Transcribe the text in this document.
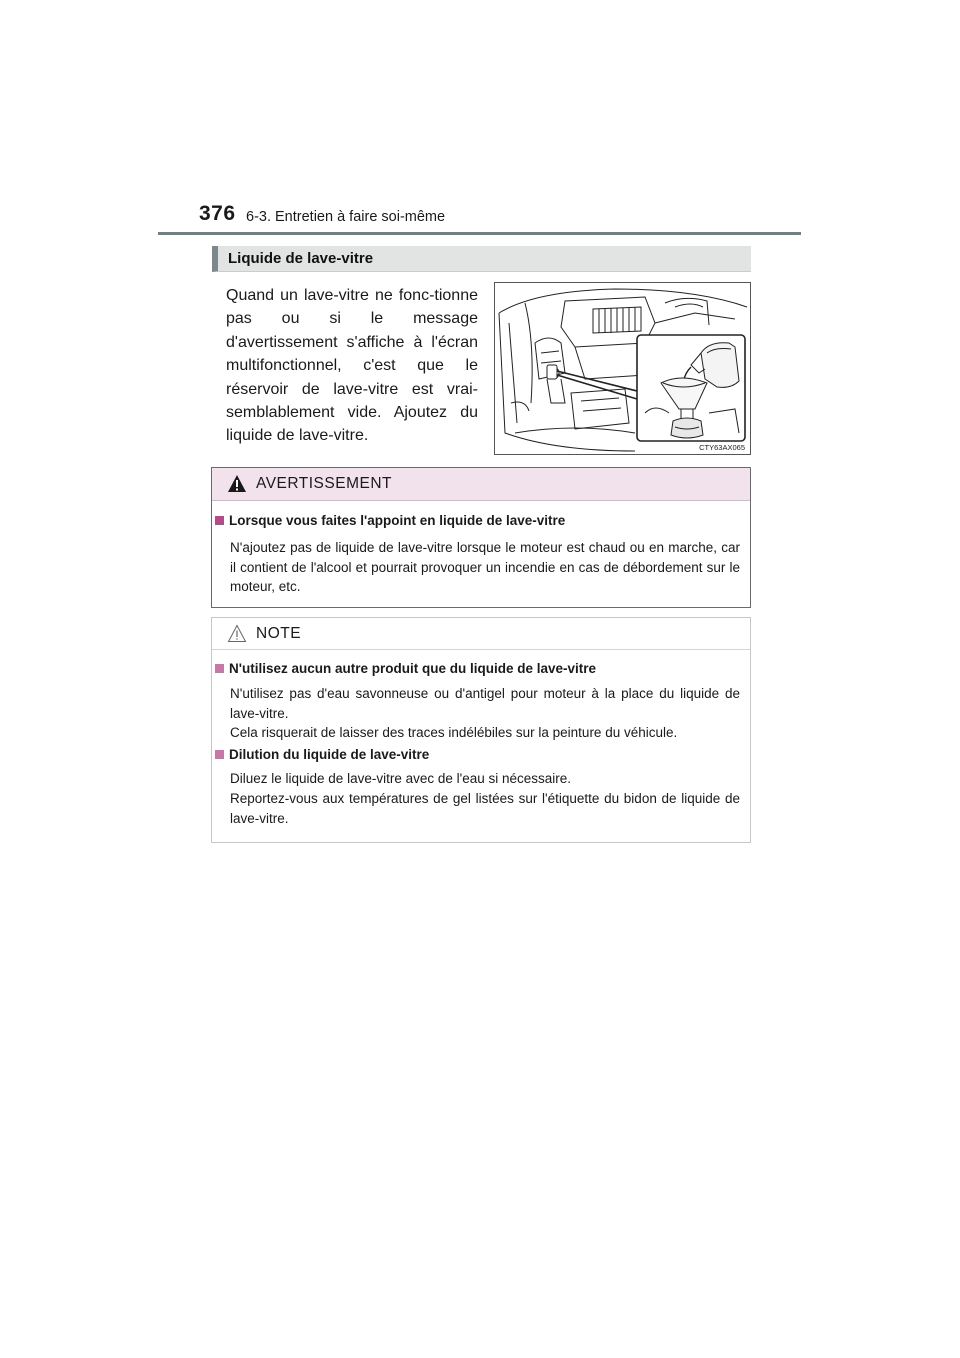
376 6-3. Entretien à faire soi-même
Liquide de lave-vitre

Quand un lave-vitre ne fonc-tionne pas ou si le message d'avertissement s'affiche à l'écran multifonctionnel, c'est que le réservoir de lave-vitre est vrai-semblablement vide. Ajoutez du liquide de lave-vitre.

CTY63AX065
AVERTISSEMENT
Lorsque vous faites l'appoint en liquide de lave-vitre

N'ajoutez pas de liquide de lave-vitre lorsque le moteur est chaud ou en marche, car il contient de l'alcool et pourrait provoquer un incendie en cas de débordement sur le moteur, etc.

NOTE
N'utilisez aucun autre produit que du liquide de lave-vitre

N'utilisez pas d'eau savonneuse ou d'antigel pour moteur à la place du liquide de lave-vitre.

Cela risquerait de laisser des traces indélébiles sur la peinture du véhicule.

Dilution du liquide de lave-vitre

Diluez le liquide de lave-vitre avec de l'eau si nécessaire.

Reportez-vous aux températures de gel listées sur l'étiquette du bidon de liquide de lave-vitre.
